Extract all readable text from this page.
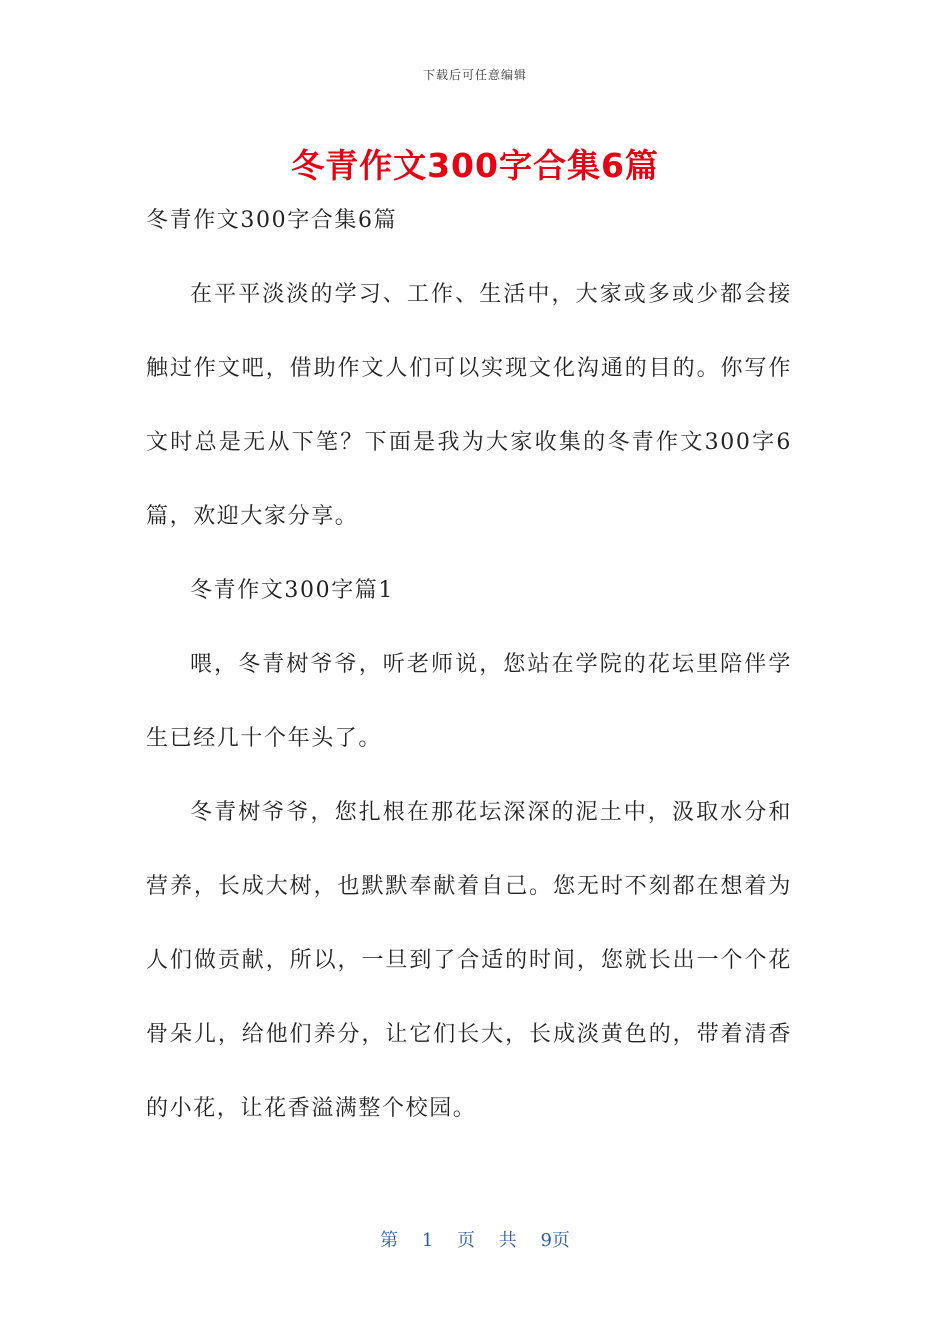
下载后可任意编辑
冬青作文300字合集6篇
冬青作文300字合集6篇

在平平淡淡的学习、工作、生活中，大家或多或少都会接触过作文吧，借助作文人们可以实现文化沟通的目的。你写作文时总是无从下笔？下面是我为大家收集的冬青作文300字6篇，欢迎大家分享。

冬青作文300字篇1

喂，冬青树爷爷，听老师说，您站在学院的花坛里陪伴学生已经几十个年头了。

冬青树爷爷，您扎根在那花坛深深的泥土中，汲取水分和营养，长成大树，也默默奉献着自己。您无时不刻都在想着为人们做贡献，所以，一旦到了合适的时间，您就长出一个个花骨朵儿，给他们养分，让它们长大，长成淡黄色的，带着清香的小花，让花香溢满整个校园。

第 1 页 共 9页
